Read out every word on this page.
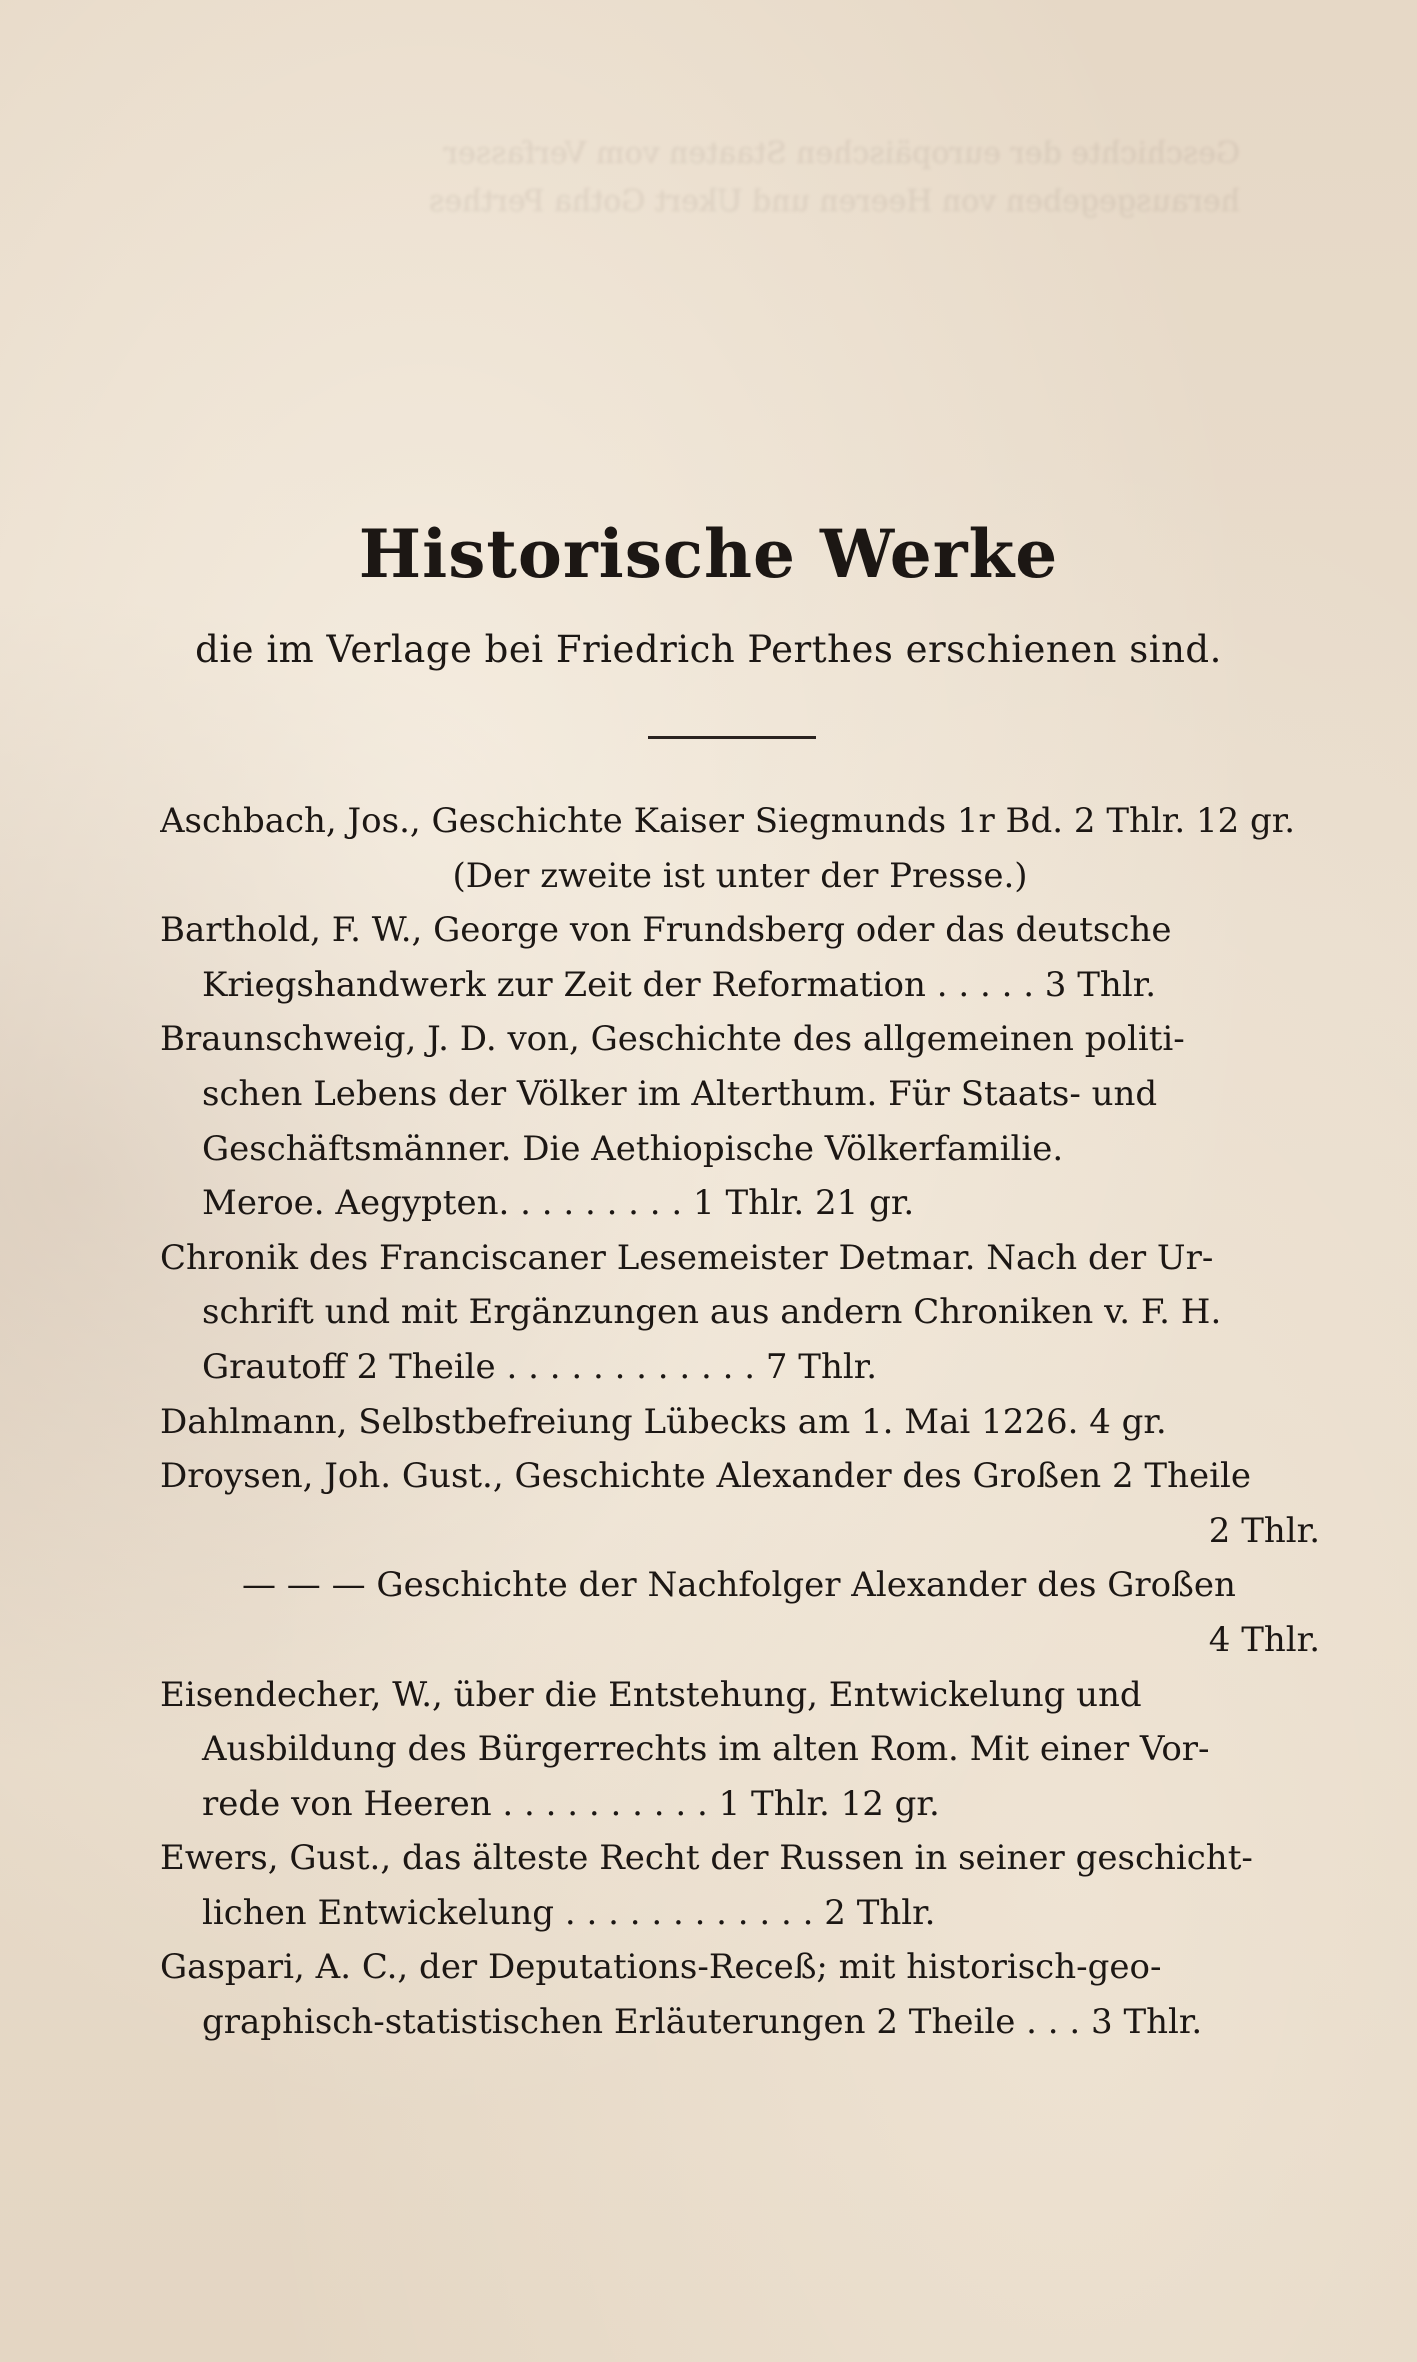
Geschichte der europäischen Staaten vom Verfasser
herausgegeben von Heeren und Ukert Gotha Perthes
Historische Werke
die im Verlage bei Friedrich Perthes erschienen sind.
Aschbach, Jos., Geschichte Kaiser Siegmunds 1r Bd. 2 Thlr. 12 gr.
(Der zweite ist unter der Presse.)
Barthold, F. W., George von Frundsberg oder das deutsche
Kriegshandwerk zur Zeit der Reformation . . . . . 3 Thlr.
Braunschweig, J. D. von, Geschichte des allgemeinen politi-
schen Lebens der Völker im Alterthum. Für Staats- und
Geschäftsmänner. Die Aethiopische Völkerfamilie.
Meroe. Aegypten. . . . . . . . . 1 Thlr. 21 gr.
Chronik des Franciscaner Lesemeister Detmar. Nach der Ur-
schrift und mit Ergänzungen aus andern Chroniken v. F. H.
Grautoff 2 Theile . . . . . . . . . . . . 7 Thlr.
Dahlmann, Selbstbefreiung Lübecks am 1. Mai 1226. 4 gr.
Droysen, Joh. Gust., Geschichte Alexander des Großen 2 Theile
2 Thlr.
— — — Geschichte der Nachfolger Alexander des Großen
4 Thlr.
Eisendecher, W., über die Entstehung, Entwickelung und
Ausbildung des Bürgerrechts im alten Rom. Mit einer Vor-
rede von Heeren . . . . . . . . . . 1 Thlr. 12 gr.
Ewers, Gust., das älteste Recht der Russen in seiner geschicht-
lichen Entwickelung . . . . . . . . . . . . 2 Thlr.
Gaspari, A. C., der Deputations-Receß; mit historisch-geo-
graphisch-statistischen Erläuterungen 2 Theile . . . 3 Thlr.
